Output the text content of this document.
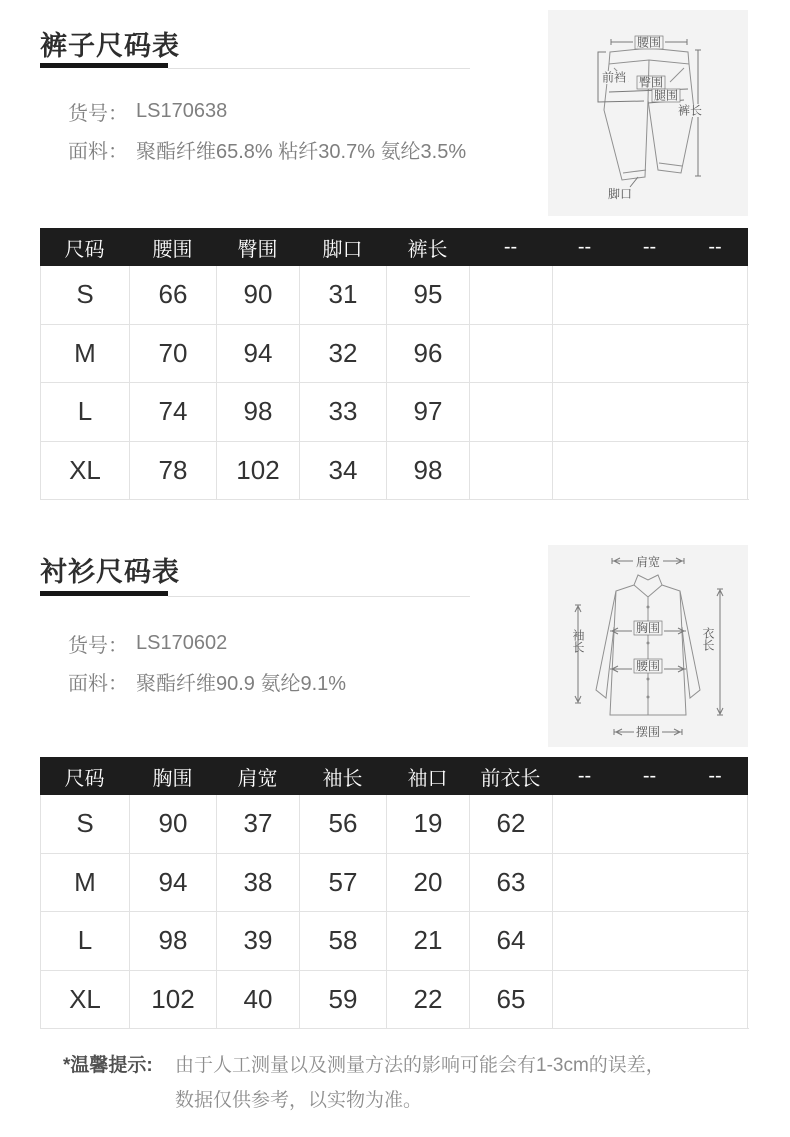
裤子尺码表
货号： LS170638
面料： 聚酯纤维65.8% 粘纤30.7% 氨纶3.5%
腰围
前裆 臀围
腿围
裤长
脚口
尺码	腰围	臀围	脚口	裤长	--	--	--	--
S	66	90	31	95
M	70	94	32	96
L	74	98	33	97
XL	78	102	34	98
衬衫尺码表
货号： LS170602
面料： 聚酯纤维90.9 氨纶9.1%
肩宽
袖长
胸围
腰围
衣长
摆围
尺码	胸围	肩宽	袖长	袖口	前衣长	--	--	--
S	90	37	56	19	62
M	94	38	57	20	63
L	98	39	58	21	64
XL	102	40	59	22	65
*温馨提示:	由于人工测量以及测量方法的影响可能会有1-3cm的误差，
数据仅供参考，以实物为准。
